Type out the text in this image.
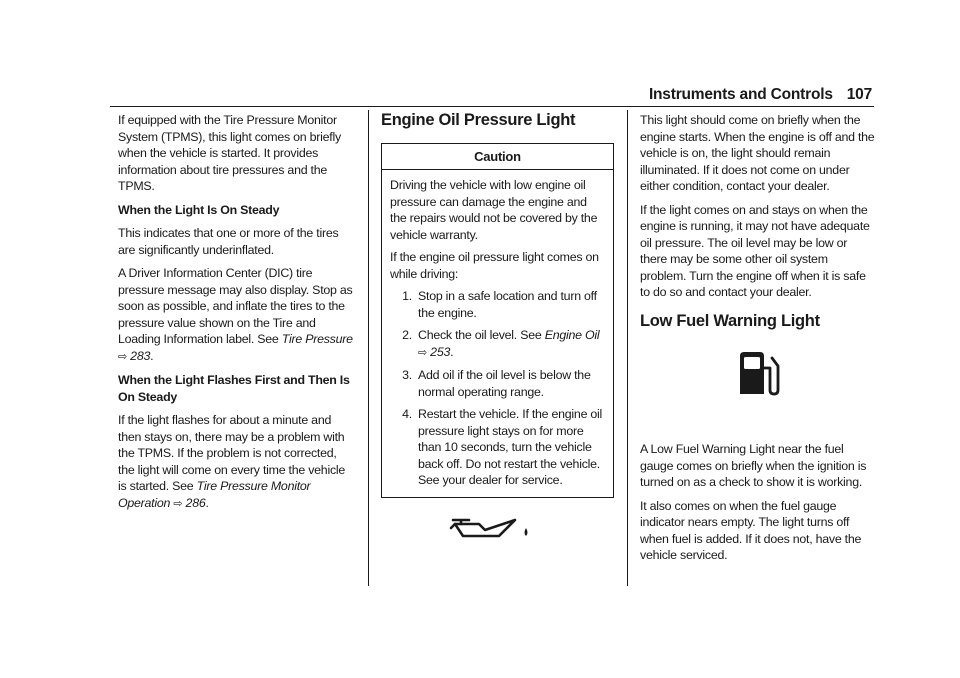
Instruments and Controls 107

If equipped with the Tire Pressure Monitor System (TPMS), this light comes on briefly when the vehicle is started. It provides information about tire pressures and the TPMS.

When the Light Is On Steady

This indicates that one or more of the tires are significantly underinflated.

A Driver Information Center (DIC) tire pressure message may also display. Stop as soon as possible, and inflate the tires to the pressure value shown on the Tire and Loading Information label. See Tire Pressure
⇨ 283.

When the Light Flashes First and Then Is On Steady

If the light flashes for about a minute and then stays on, there may be a problem with the TPMS. If the problem is not corrected, the light will come on every time the vehicle is started. See Tire Pressure Monitor Operation ⇨ 286.

Engine Oil Pressure Light
Caution

Driving the vehicle with low engine oil pressure can damage the engine and the repairs would not be covered by the vehicle warranty.

If the engine oil pressure light comes on while driving:

1. Stop in a safe location and turn off the engine.
2. Check the oil level. See Engine Oil
⇨ 253.
3. Add oil if the oil level is below the normal operating range.
4. Restart the vehicle. If the engine oil pressure light stays on for more than 10 seconds, turn the vehicle back off. Do not restart the vehicle. See your dealer for service.

This light should come on briefly when the engine starts. When the engine is off and the vehicle is on, the light should remain illuminated. If it does not come on under either condition, contact your dealer.

If the light comes on and stays on when the engine is running, it may not have adequate oil pressure. The oil level may be low or there may be some other oil system problem. Turn the engine off when it is safe to do so and contact your dealer.

Low Fuel Warning Light

A Low Fuel Warning Light near the fuel gauge comes on briefly when the ignition is turned on as a check to show it is working.

It also comes on when the fuel gauge indicator nears empty. The light turns off when fuel is added. If it does not, have the vehicle serviced.
